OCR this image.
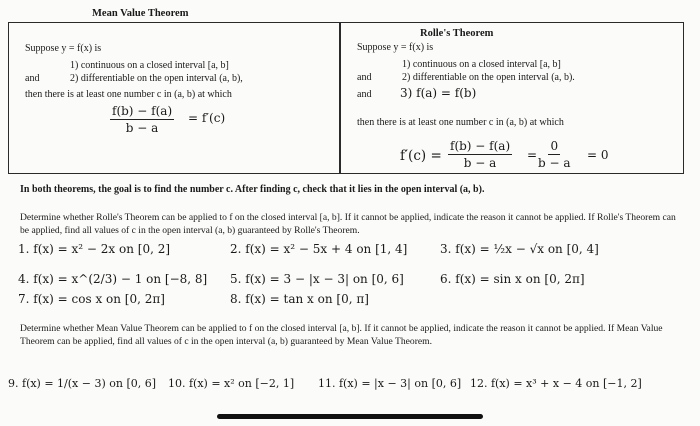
Mean Value Theorem
Suppose y = f(x) is
1) continuous on a closed interval [a, b]
and	2) differentiable on the open interval (a, b),
then there is at least one number c in (a, b) at which
$\frac{f(b) - f(a)}{b - a} = f'(c)$
Rolle's Theorem
Suppose y = f(x) is
1) continuous on a closed interval [a, b]
and	2) differentiable on the open interval (a, b).
and 3) f(a) = f(b)
then there is at least one number c in (a, b) at which
$f'(c) = \frac{f(b) - f(a)}{b - a} = \frac{0}{b - a} = 0$
In both theorems, the goal is to find the number c. After finding c, check that it lies in the open interval (a, b).
Determine whether Rolle's Theorem can be applied to f on the closed interval [a, b]. If it cannot be applied, indicate the reason it cannot be applied. If Rolle's Theorem can be applied, find all values of c in the open interval (a, b) guaranteed by Rolle's Theorem.
1. f(x) = x² − 2x on [0, 2]	2. f(x) = x² − 5x + 4 on [1, 4]	3. f(x) = ½x − √x on [0, 4]
4. f(x) = x^(2/3) − 1 on [−8, 8] 5. f(x) = 3 − |x − 3| on [0, 6]	6. f(x) = sin x on [0, 2π]
7. f(x) = cos x on [0, 2π]	8. f(x) = tan x on [0, π]
Determine whether Mean Value Theorem can be applied to f on the closed interval [a, b]. If it cannot be applied, indicate the reason it cannot be applied. If Mean Value Theorem can be applied, find all values of c in the open interval (a, b) guaranteed by Mean Value Theorem.
9. f(x) = 1/(x − 3) on [0, 6] 10. f(x) = x² on [−2, 1] 11. f(x) = |x − 3| on [0, 6] 12. f(x) = x³ + x − 4 on [−1, 2]
